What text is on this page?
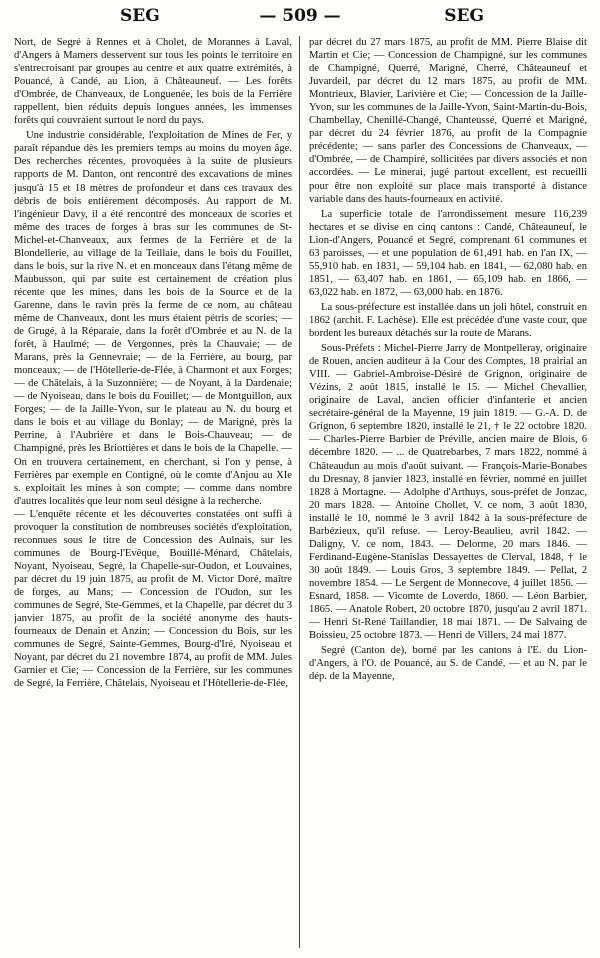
SEG	— 509 —	SEG

Nort, de Segré à Rennes et à Cholet, de Morannes à Laval, d'Angers à Mamers desservent sur tous les points le territoire en s'entrecroisant par groupes au centre et aux quatre extrémités, à Pouancé, à Candé, au Lion, à Châteauneuf. — Les forêts d'Ombrée, de Chanveaux, de Longuenée, les bois de la Ferrière rappellent, bien réduits depuis longues années, les immenses forêts qui couvraient surtout le nord du pays.

Une industrie considérable, l'exploitation de Mines de Fer, y paraît répandue dès les premiers temps au moins du moyen âge. Des recherches récentes, provoquées à la suite de plusieurs rapports de M. Danton, ont rencontré des excavations de mines jusqu'à 15 et 18 mètres de profondeur et dans ces travaux des débris de bois entièrement décomposés. Au rapport de M. l'ingénieur Davy, il a été rencontré des monceaux de scories et même des traces de forges à bras sur les communes de St-Michel-et-Chanveaux, aux fermes de la Ferrière et de la Blondellerie, au village de la Teillaie, dans le bois du Fouillet, dans le bois, sur la rive N. et en monceaux dans l'étang même de Maubusson, qui par suite est certainement de création plus récente que les mines, dans les bois de la Source et de la Garenne, dans le ravin près la ferme de ce nom, au château même de Chanveaux, dont les murs étaient pétris de scories; — de Grugé, à la Réparaie, dans la forêt d'Ombrée et au N. de la forêt, à Haulmé; — de Vergonnes, près la Chauvaie; — de Marans, près la Gennevraie; — de la Ferrière, au bourg, par monceaux; — de l'Hôtellerie-de-Flée, à Charmont et aux Forges; — de Châtelais, à la Suzonnière; — de Noyant, à la Dardenaie; — de Nyoiseau, dans le bois du Fouillet; — de Montguillon, aux Forges; — de la Jaille-Yvon, sur le plateau au N. du bourg et dans le bois et au village du Bonlay; — de Marigné, près la Perrine, à l'Aubrière et dans le Bois-Chauveau; — de Champigné, près les Briottières et dans le bois de la Chapelle. — On en trouvera certainement, en cherchant, si l'on y pense, à Ferrières par exemple en Contigné, où le comte d'Anjou au XIe s. exploitait les mines à son compte; — comme dans nombre d'autres localités que leur nom seul désigne à la recherche.

— L'enquête récente et les découvertes constatées ont suffi à provoquer la constitution de nombreuses sociétés d'exploitation, reconnues sous le titre de Concession des Aulnais, sur les communes de Bourg-l'Evêque, Bouillé-Ménard, Châtelais, Noyant, Nyoiseau, Segré, la Chapelle-sur-Oudon, et Louvaines, par décret du 19 juin 1875, au profit de M. Victor Doré, maître de forges, au Mans; — Concession de l'Oudon, sur les communes de Segré, Ste-Gemmes, et la Chapelle, par décret du 3 janvier 1875, au profit de la société anonyme des hauts-fourneaux de Denain et Anzin; — Concession du Bois, sur les communes de Segré, Sainte-Gemmes, Bourg-d'Iré, Nyoiseau et Noyant, par décret du 21 novembre 1874, au profit de MM. Jules Garnier et Cie; — Concession de la Ferrière, sur les communes de Segré, la Ferrière, Châtelais, Nyoiseau et l'Hôtellerie-de-Flée,

par décret du 27 mars 1875, au profit de MM. Pierre Blaise dit Martin et Cie; — Concession de Champigné, sur les communes de Champigné, Querré, Marigné, Cherré, Châteauneuf et Juvardeil, par décret du 12 mars 1875, au profit de MM. Montrieux, Blavier, Larivière et Cie; — Concession de la Jaille-Yvon, sur les communes de la Jaille-Yvon, Saint-Martin-du-Bois, Chambellay, Chenillé-Changé, Chanteussé, Querré et Marigné, par décret du 24 février 1876, au profit de la Compagnie précédente; — sans parler des Concessions de Chanveaux, — d'Ombrée, — de Champiré, sollicitées par divers associés et non accordées. — Le minerai, jugé partout excellent, est recueilli pour être non exploité sur place mais transporté à distance variable dans des hauts-fourneaux en activité.

La superficie totale de l'arrondissement mesure 116,239 hectares et se divise en cinq cantons : Candé, Châteauneuf, le Lion-d'Angers, Pouancé et Segré, comprenant 61 communes et 63 paroisses, — et une population de 61,491 hab. en l'an IX, — 55,910 hab. en 1831, — 59,104 hab. en 1841, — 62,080 hab. en 1851, — 63,407 hab. en 1861, — 65,109 hab. en 1866, — 63,022 hab. en 1872, — 63,000 hab. en 1876.

La sous-préfecture est installée dans un joli hôtel, construit en 1862 (archit. F. Lachèse). Elle est précédée d'une vaste cour, que bordent les bureaux détachés sur la route de Marans.

Sous-Préfets : Michel-Pierre Jarry de Montpelleray, originaire de Rouen, ancien auditeur à la Cour des Comptes, 18 prairial an VIII. — Gabriel-Ambroise-Désiré de Grignon, originaire de Vézins, 2 août 1815, installé le 15. — Michel Chevallier, originaire de Laval, ancien officier d'infanterie et ancien secrétaire-général de la Mayenne, 19 juin 1819. — G.-A. D. de Grignon, 6 septembre 1820, installé le 21, † le 22 octobre 1820. — Charles-Pierre Barbier de Préville, ancien maire de Blois, 6 décembre 1820. — ... de Quatrebarbes, 7 mars 1822, nommé à Châteaudun au mois d'août suivant. — François-Marie-Bonabes du Dresnay, 8 janvier 1823, installé en février, nommé en juillet 1828 à Mortagne. — Adolphe d'Arthuys, sous-préfet de Jonzac, 20 mars 1828. — Antoine Chollet, V. ce nom, 3 août 1830, installé le 10, nommé le 3 avril 1842 à la sous-préfecture de Barbézieux, qu'il refuse. — Leroy-Beaulieu, avril 1842. — Daligny, V. ce nom, 1843. — Delorme, 20 mars 1846. — Ferdinand-Eugène-Stanislas Dessayettes de Clerval, 1848, † le 30 août 1849. — Louis Gros, 3 septembre 1849. — Pellat, 2 novembre 1854. — Le Sergent de Monnecove, 4 juillet 1856. — Esnard, 1858. — Vicomte de Loverdo, 1860. — Léon Barbier, 1865. — Anatole Robert, 20 octobre 1870, jusqu'au 2 avril 1871. — Henri St-René Taillandier, 18 mai 1871. — De Salvaing de Boissieu, 25 octobre 1873. — Henri de Villers, 24 mai 1877.

Segré (Canton de), borné par les cantons à l'E. du Lion-d'Angers, à l'O. de Pouancé, au S. de Candé, — et au N. par le dép. de la Mayenne,
